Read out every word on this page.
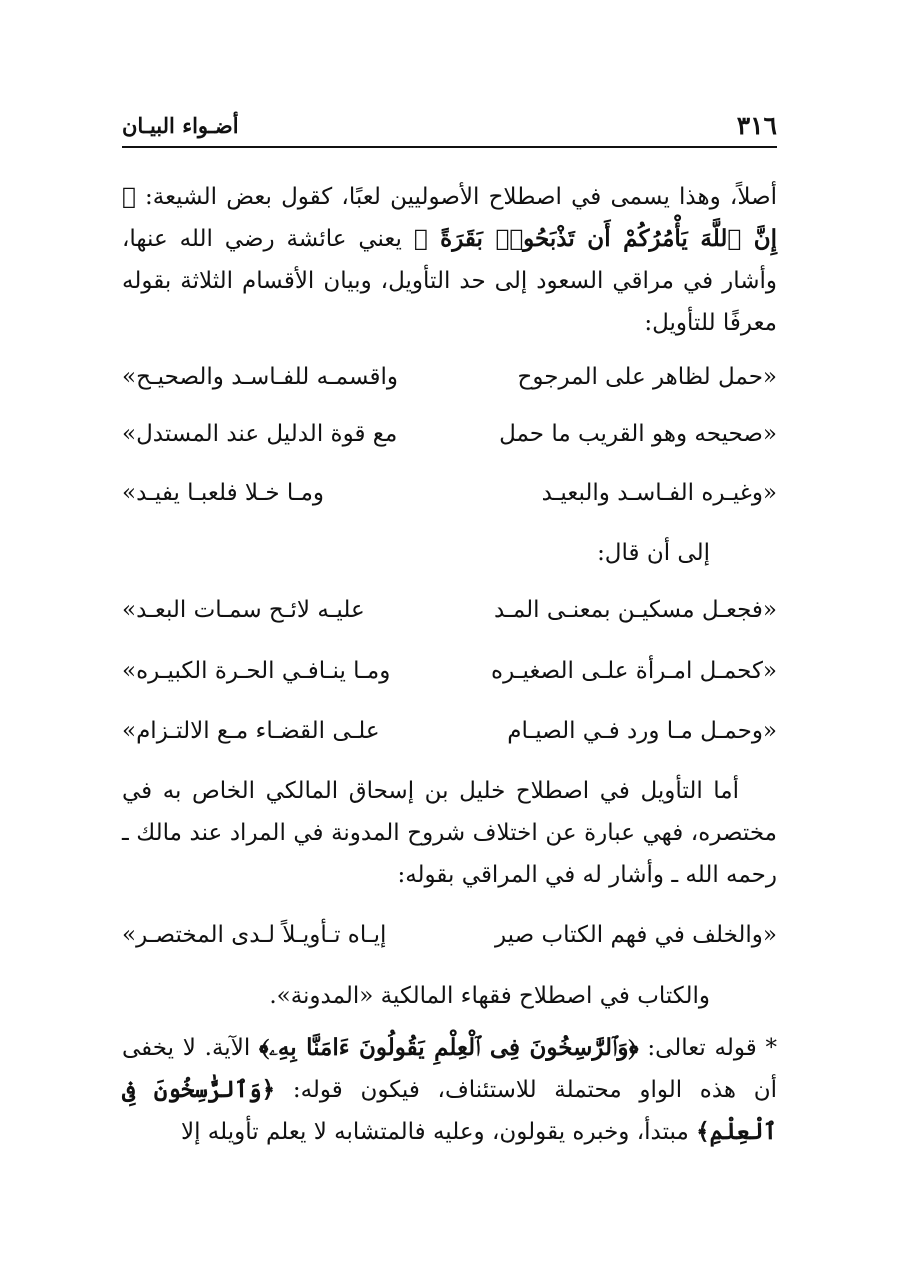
٣١٦
أضـواء البيـان

أصلاً، وهذا يسمى في اصطلاح الأصوليين لعبًا، كقول بعض الشيعة: ﴿ إِنَّ ٱللَّهَ يَأْمُرُكُمْ أَن تَذْبَحُوا۟ بَقَرَةً ﴾ يعني عائشة رضي الله عنها، وأشار في مراقي السعود إلى حد التأويل، وبيان الأقسام الثلاثة بقوله معرفًا للتأويل:

«حمل لظاهر على المرجوح
واقسمـه للفـاسـد والصحيـح»
«صحيحه وهو القريب ما حمل
مع قوة الدليل عند المستدل»
«وغيـره الفـاسـد والبعيـد
ومـا خـلا فلعبـا يفيـد»

إلى أن قال:

«فجعـل مسكيـن بمعنـى المـد
عليـه لائـح سمـات البعـد»
«كحمـل امـرأة علـى الصغيـره
ومـا ينـافـي الحـرة الكبيـره»
«وحمـل مـا ورد فـي الصيـام
علـى القضـاء مـع الالتـزام»

أما التأويل في اصطلاح خليل بن إسحاق المالكي الخاص به في مختصره، فهي عبارة عن اختلاف شروح المدونة في المراد عند مالك ـ رحمه الله ـ وأشار له في المراقي بقوله:

«والخلف في فهم الكتاب صير
إيـاه تـأويـلاً لـدى المختصـر»

والكتاب في اصطلاح فقهاء المالكية «المدونة».

* قوله تعالى: ﴿وَٱلرَّٰسِخُونَ فِى ٱلْعِلْمِ يَقُولُونَ ءَامَنَّا بِهِۦ﴾ الآية. لا يخفى أن هذه الواو محتملة للاستئناف، فيكون قوله: ﴿وَٱلرَّٰسِخُونَ فِى ٱلْعِلْمِ﴾ مبتدأ، وخبره يقولون، وعليه فالمتشابه لا يعلم تأويله إلا
